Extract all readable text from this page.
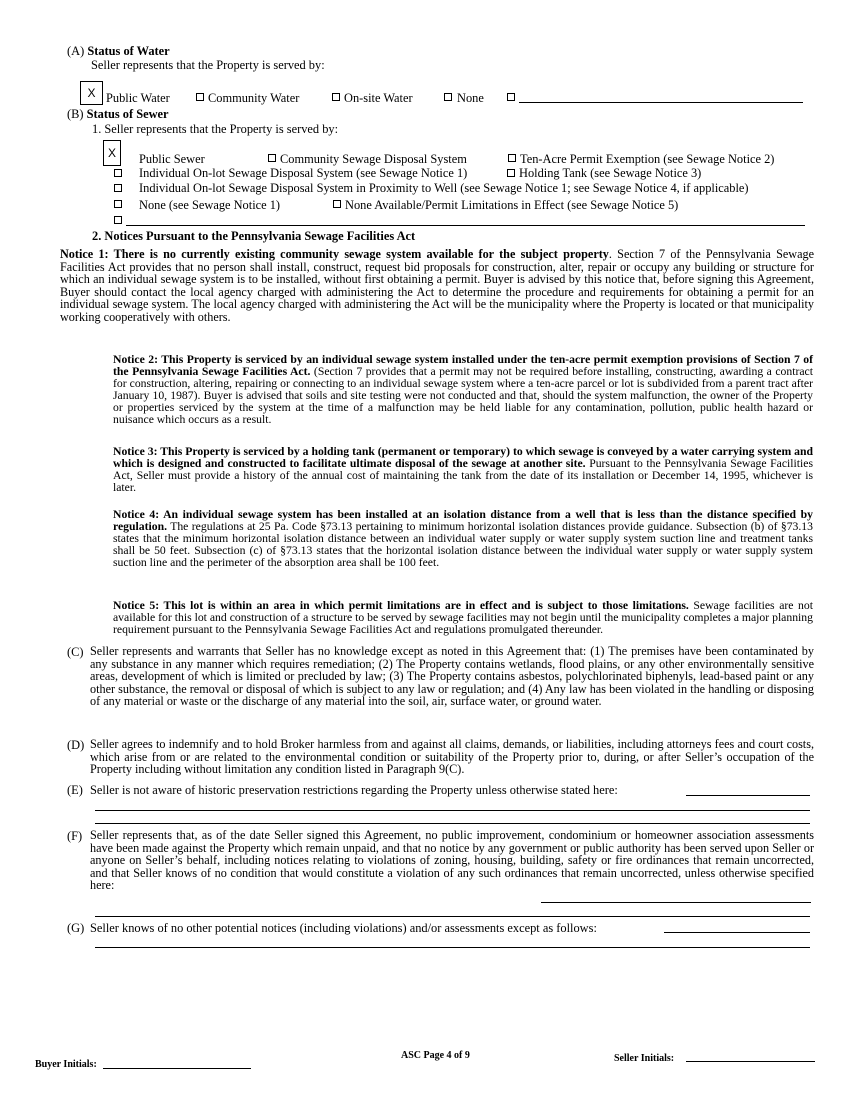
(A) Status of Water
Seller represents that the Property is served by:
X Public Water	Community Water	On-site Water	None
(B) Status of Sewer
1. Seller represents that the Property is served by:
X	Public Sewer	Community Sewage Disposal System	Ten-Acre Permit Exemption (see Sewage Notice 2)
Individual On-lot Sewage Disposal System (see Sewage Notice 1)	Holding Tank (see Sewage Notice 3)
Individual On-lot Sewage Disposal System in Proximity to Well (see Sewage Notice 1; see Sewage Notice 4, if applicable)
None (see Sewage Notice 1)	None Available/Permit Limitations in Effect (see Sewage Notice 5)
2. Notices Pursuant to the Pennsylvania Sewage Facilities Act
Notice 1: There is no currently existing community sewage system available for the subject property. Section 7 of the Pennsylvania Sewage Facilities Act provides that no person shall install, construct, request bid proposals for construction, alter, repair or occupy any building or structure for which an individual sewage system is to be installed, without first obtaining a permit. Buyer is advised by this notice that, before signing this Agreement, Buyer should contact the local agency charged with administering the Act to determine the procedure and requirements for obtaining a permit for an individual sewage system. The local agency charged with administering the Act will be the municipality where the Property is located or that municipality working cooperatively with others.
Notice 2: This Property is serviced by an individual sewage system installed under the ten-acre permit exemption provisions of Section 7 of the Pennsylvania Sewage Facilities Act. (Section 7 provides that a permit may not be required before installing, constructing, awarding a contract for construction, altering, repairing or connecting to an individual sewage system where a ten-acre parcel or lot is subdivided from a parent tract after January 10, 1987). Buyer is advised that soils and site testing were not conducted and that, should the system malfunction, the owner of the Property or properties serviced by the system at the time of a malfunction may be held liable for any contamination, pollution, public health hazard or nuisance which occurs as a result.
Notice 3: This Property is serviced by a holding tank (permanent or temporary) to which sewage is conveyed by a water carrying system and which is designed and constructed to facilitate ultimate disposal of the sewage at another site. Pursuant to the Pennsylvania Sewage Facilities Act, Seller must provide a history of the annual cost of maintaining the tank from the date of its installation or December 14, 1995, whichever is later.
Notice 4: An individual sewage system has been installed at an isolation distance from a well that is less than the distance specified by regulation. The regulations at 25 Pa. Code §73.13 pertaining to minimum horizontal isolation distances provide guidance. Subsection (b) of §73.13 states that the minimum horizontal isolation distance between an individual water supply or water supply system suction line and treatment tanks shall be 50 feet. Subsection (c) of §73.13 states that the horizontal isolation distance between the individual water supply or water supply system suction line and the perimeter of the absorption area shall be 100 feet.
Notice 5: This lot is within an area in which permit limitations are in effect and is subject to those limitations. Sewage facilities are not available for this lot and construction of a structure to be served by sewage facilities may not begin until the municipality completes a major planning requirement pursuant to the Pennsylvania Sewage Facilities Act and regulations promulgated thereunder.
(C) Seller represents and warrants that Seller has no knowledge except as noted in this Agreement that: (1) The premises have been contaminated by any substance in any manner which requires remediation; (2) The Property contains wetlands, flood plains, or any other environmentally sensitive areas, development of which is limited or precluded by law; (3) The Property contains asbestos, polychlorinated biphenyls, lead-based paint or any other substance, the removal or disposal of which is subject to any law or regulation; and (4) Any law has been violated in the handling or disposing of any material or waste or the discharge of any material into the soil, air, surface water, or ground water.
(D) Seller agrees to indemnify and to hold Broker harmless from and against all claims, demands, or liabilities, including attorneys fees and court costs, which arise from or are related to the environmental condition or suitability of the Property prior to, during, or after Seller’s occupation of the Property including without limitation any condition listed in Paragraph 9(C).
(E) Seller is not aware of historic preservation restrictions regarding the Property unless otherwise stated here:
(F) Seller represents that, as of the date Seller signed this Agreement, no public improvement, condominium or homeowner association assessments have been made against the Property which remain unpaid, and that no notice by any government or public authority has been served upon Seller or anyone on Seller’s behalf, including notices relating to violations of zoning, housing, building, safety or fire ordinances that remain uncorrected, and that Seller knows of no condition that would constitute a violation of any such ordinances that remain uncorrected, unless otherwise specified here:
(G) Seller knows of no other potential notices (including violations) and/or assessments except as follows:
Buyer Initials:
ASC Page 4 of 9	Seller Initials:
